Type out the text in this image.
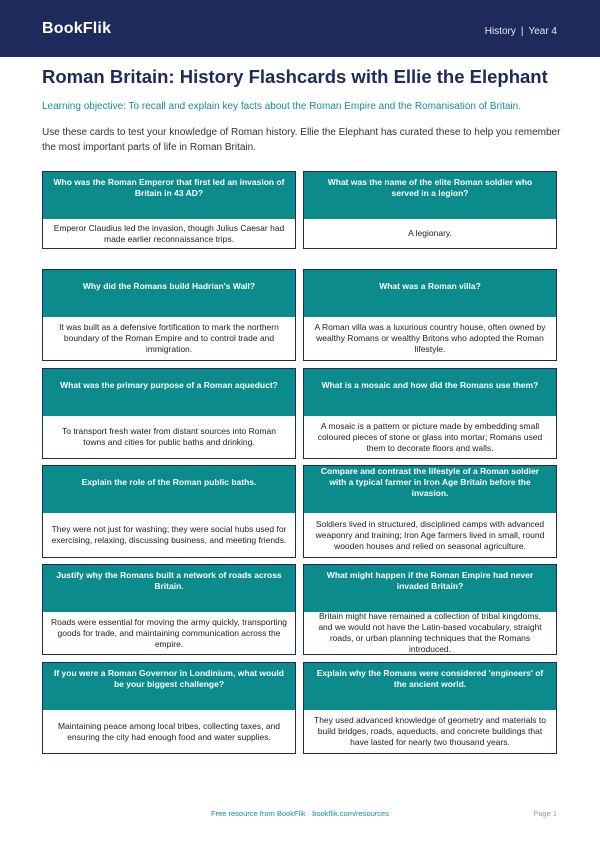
BookFlik	History | Year 4
Roman Britain: History Flashcards with Ellie the Elephant
Learning objective: To recall and explain key facts about the Roman Empire and the Romanisation of Britain.
Use these cards to test your knowledge of Roman history. Ellie the Elephant has curated these to help you remember the most important parts of life in Roman Britain.
Who was the Roman Emperor that first led an invasion of Britain in 43 AD?
Emperor Claudius led the invasion, though Julius Caesar had made earlier reconnaissance trips.
What was the name of the elite Roman soldier who served in a legion?
A legionary.
Why did the Romans build Hadrian's Wall?
It was built as a defensive fortification to mark the northern boundary of the Roman Empire and to control trade and immigration.
What was a Roman villa?
A Roman villa was a luxurious country house, often owned by wealthy Romans or wealthy Britons who adopted the Roman lifestyle.
What was the primary purpose of a Roman aqueduct?
To transport fresh water from distant sources into Roman towns and cities for public baths and drinking.
What is a mosaic and how did the Romans use them?
A mosaic is a pattern or picture made by embedding small coloured pieces of stone or glass into mortar; Romans used them to decorate floors and walls.
Explain the role of the Roman public baths.
They were not just for washing; they were social hubs used for exercising, relaxing, discussing business, and meeting friends.
Compare and contrast the lifestyle of a Roman soldier with a typical farmer in Iron Age Britain before the invasion.
Soldiers lived in structured, disciplined camps with advanced weaponry and training; Iron Age farmers lived in small, round wooden houses and relied on seasonal agriculture.
Justify why the Romans built a network of roads across Britain.
Roads were essential for moving the army quickly, transporting goods for trade, and maintaining communication across the empire.
What might happen if the Roman Empire had never invaded Britain?
Britain might have remained a collection of tribal kingdoms, and we would not have the Latin-based vocabulary, straight roads, or urban planning techniques that the Romans introduced.
If you were a Roman Governor in Londinium, what would be your biggest challenge?
Maintaining peace among local tribes, collecting taxes, and ensuring the city had enough food and water supplies.
Explain why the Romans were considered 'engineers' of the ancient world.
They used advanced knowledge of geometry and materials to build bridges, roads, aqueducts, and concrete buildings that have lasted for nearly two thousand years.
Free resource from BookFlik · bookflik.com/resources	Page 1
